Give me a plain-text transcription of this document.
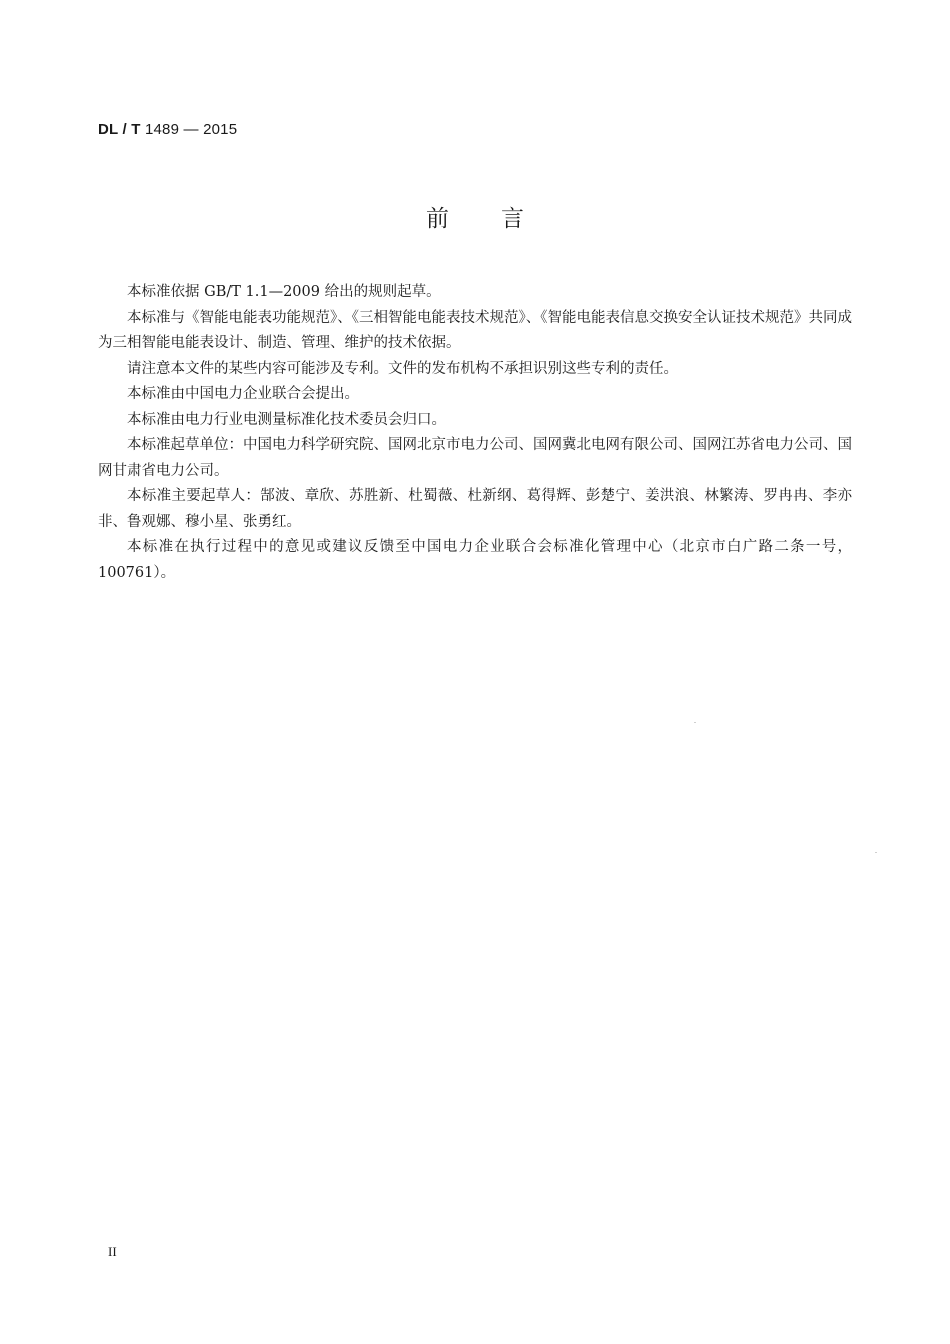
DL / T 1489 — 2015
前言

本标准依据 GB/T 1.1—2009 给出的规则起草。

本标准与《智能电能表功能规范》、《三相智能电能表技术规范》、《智能电能表信息交换安全认证技术规范》共同成为三相智能电能表设计、制造、管理、维护的技术依据。

请注意本文件的某些内容可能涉及专利。文件的发布机构不承担识别这些专利的责任。

本标准由中国电力企业联合会提出。

本标准由电力行业电测量标准化技术委员会归口。

本标准起草单位：中国电力科学研究院、国网北京市电力公司、国网冀北电网有限公司、国网江苏省电力公司、国网甘肃省电力公司。

本标准主要起草人：郜波、章欣、苏胜新、杜蜀薇、杜新纲、葛得辉、彭楚宁、姜洪浪、林繁涛、罗冉冉、李亦非、鲁观娜、穆小星、张勇红。

本标准在执行过程中的意见或建议反馈至中国电力企业联合会标准化管理中心（北京市白广路二条一号，100761）。

II
